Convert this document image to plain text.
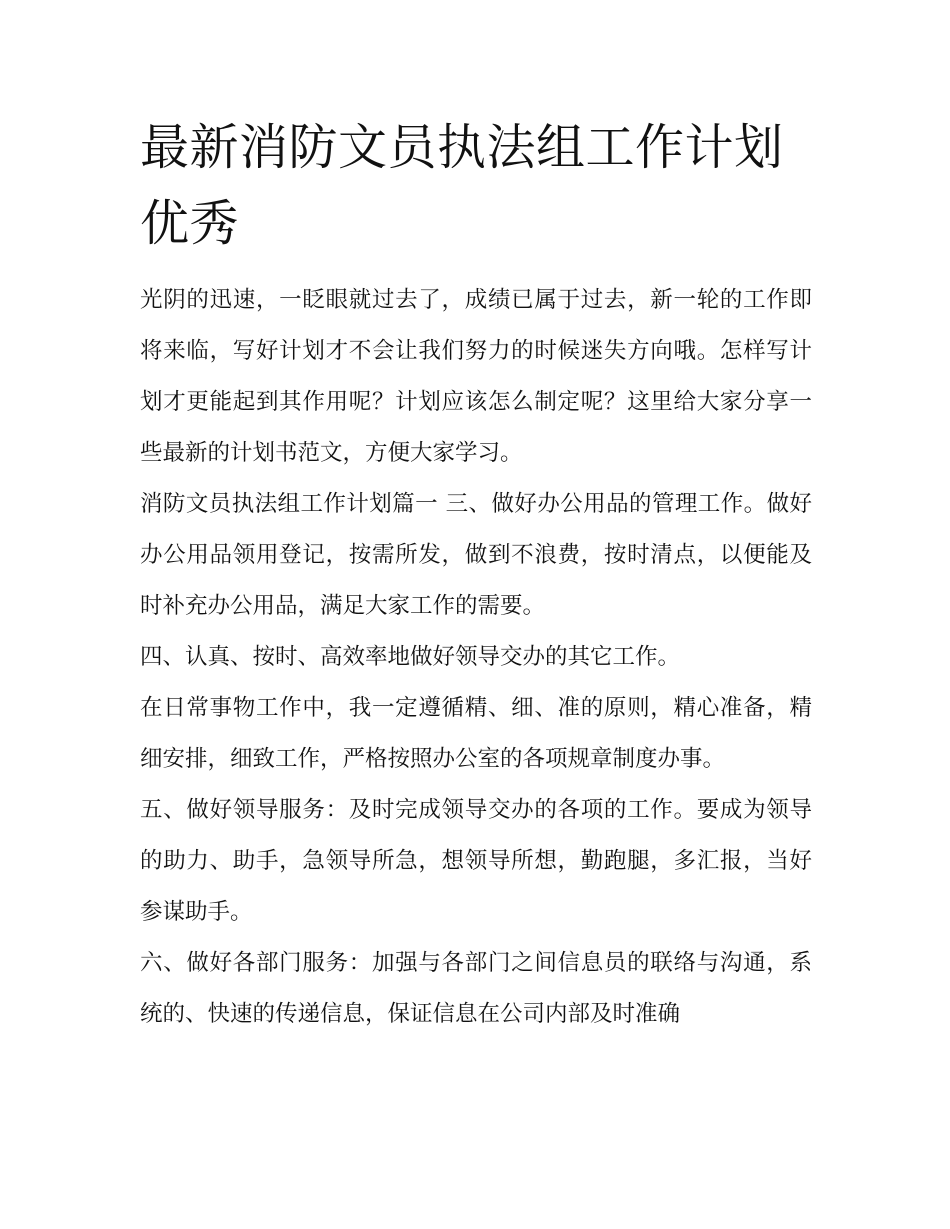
最新消防文员执法组工作计划优秀

光阴的迅速，一眨眼就过去了，成绩已属于过去，新一轮的工作即将来临，写好计划才不会让我们努力的时候迷失方向哦。怎样写计划才更能起到其作用呢？计划应该怎么制定呢？这里给大家分享一些最新的计划书范文，方便大家学习。

消防文员执法组工作计划篇一 三、做好办公用品的管理工作。做好办公用品领用登记，按需所发，做到不浪费，按时清点，以便能及时补充办公用品，满足大家工作的需要。

四、认真、按时、高效率地做好领导交办的其它工作。

在日常事物工作中，我一定遵循精、细、准的原则，精心准备，精细安排，细致工作，严格按照办公室的各项规章制度办事。

五、做好领导服务：及时完成领导交办的各项的工作。要成为领导的助力、助手，急领导所急，想领导所想，勤跑腿，多汇报，当好参谋助手。

六、做好各部门服务：加强与各部门之间信息员的联络与沟通，系统的、快速的传递信息，保证信息在公司内部及时准确
